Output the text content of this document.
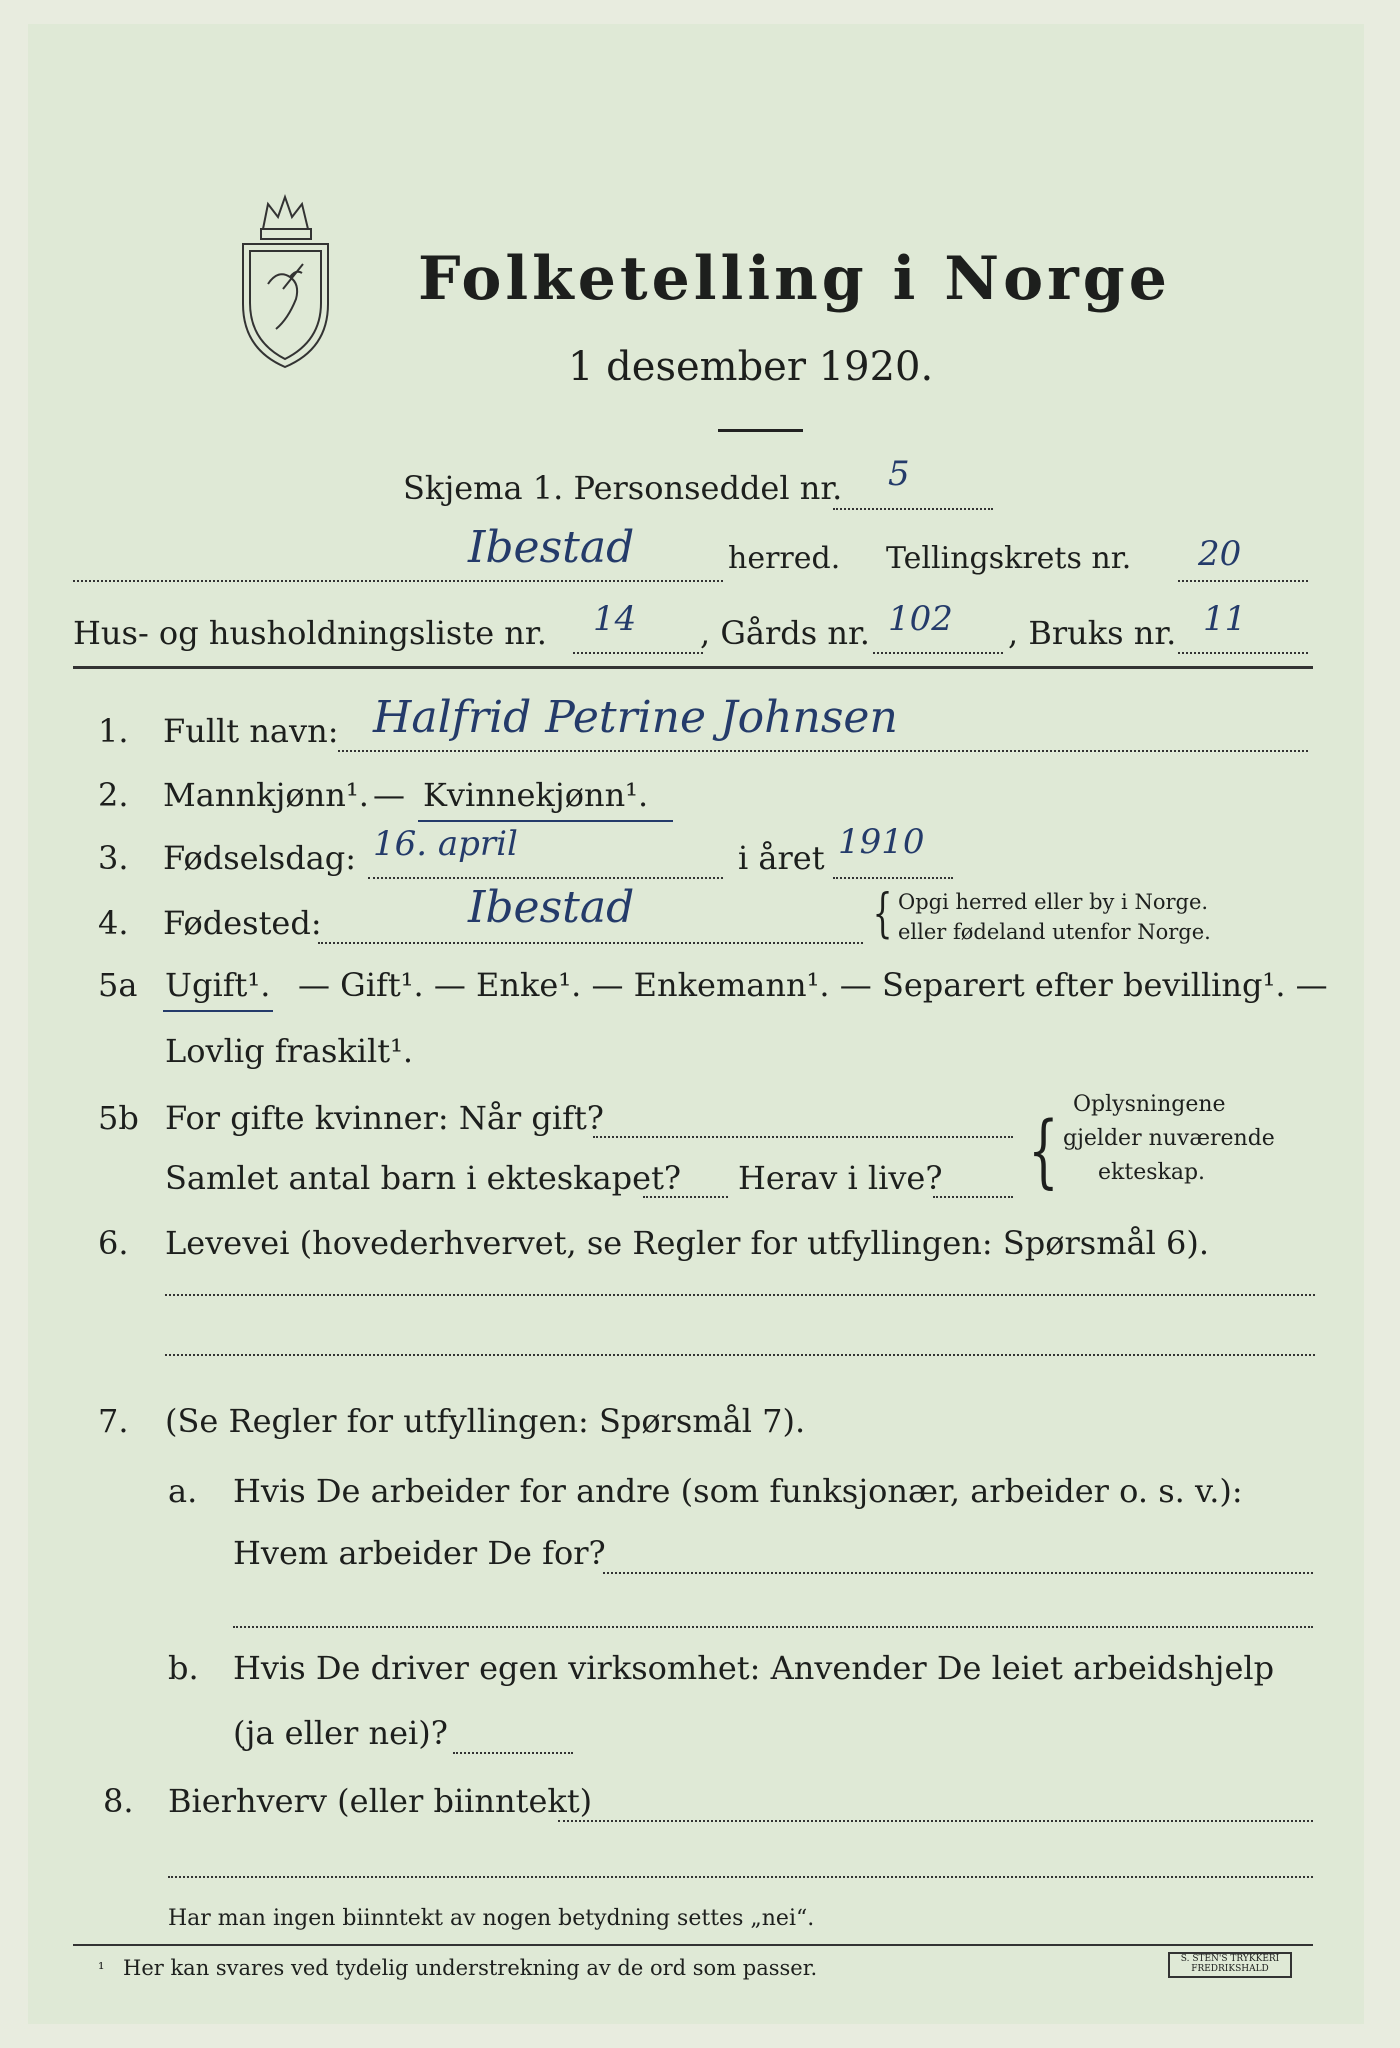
Folketelling i Norge
1 desember 1920.
Skjema 1. Personseddel nr. 5
Ibestad	herred. Tellingskrets nr. 20
Hus- og husholdningsliste nr. 14 , Gårds nr. 102 , Bruks nr. 11
1. Fullt navn: Halfrid Petrine Johnsen
2. Mannkjønn¹. — Kvinnekjønn¹.
3. Fødselsdag: 16. april	i året 1910
4. Fødested:	Ibestad	{ Opgi herred eller by i Norge.
eller fødeland utenfor Norge.
5a Ugift¹. — Gift¹. — Enke¹. — Enkemann¹. — Separert efter bevilling¹. —
Lovlig fraskilt¹.
5b For gifte kvinner: Når gift?
Samlet antal barn i ekteskapet? Herav i live? { Oplysningene
gjelder nuværende
ekteskap.
6. Levevei (hovederhvervet, se Regler for utfyllingen: Spørsmål 6).
7. (Se Regler for utfyllingen: Spørsmål 7).
a. Hvis De arbeider for andre (som funksjonær, arbeider o. s. v.):
Hvem arbeider De for?
b. Hvis De driver egen virksomhet: Anvender De leiet arbeidshjelp
(ja eller nei)?
8. Bierhverv (eller biinntekt)
Har man ingen biinntekt av nogen betydning settes „nei“.
¹ Her kan svares ved tydelig understrekning av de ord som passer.	S. STEN'S TRYKKERI FREDRIKSHALD
